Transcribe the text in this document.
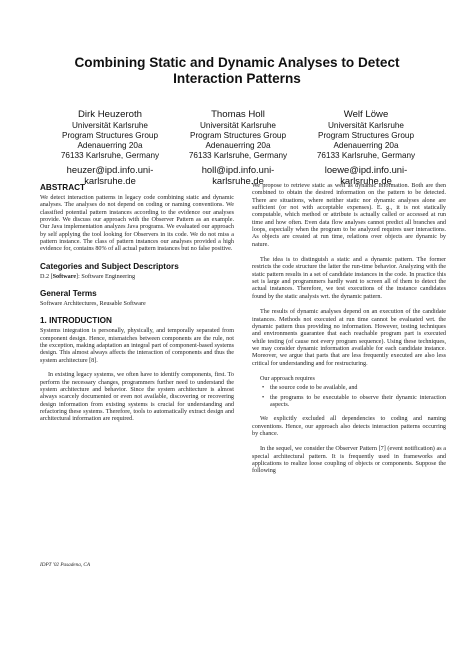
Combining Static and Dynamic Analyses to Detect
Interaction Patterns
Dirk Heuzeroth
Universität Karlsruhe
Program Structures Group
Adenauerring 20a
76133 Karlsruhe, Germany
heuzer@ipd.info.uni-
karlsruhe.de
Thomas Holl
Universität Karlsruhe
Program Structures Group
Adenauerring 20a
76133 Karlsruhe, Germany
holl@ipd.info.uni-
karlsruhe.de
Welf Löwe
Universität Karlsruhe
Program Structures Group
Adenauerring 20a
76133 Karlsruhe, Germany
loewe@ipd.info.uni-
karlsruhe.de
ABSTRACT

We detect interaction patterns in legacy code combining static and dynamic analyses. The analyses do not depend on coding or naming conventions. We classified potential pattern instances according to the evidence our analyses provide. We discuss our approach with the Observer Pattern as an example. Our Java implementation analyzes Java programs. We evaluated our approach by self applying the tool looking for Observers in its code. We do not miss a pattern instance. The class of pattern instances our analyses provided a high evidence for, contains 80% of all actual pattern instances but no false positive.

Categories and Subject Descriptors

D.2 [Software]: Software Engineering

General Terms

Software Architectures, Reusable Software

1. INTRODUCTION

Systems integration is personally, physically, and temporally separated from component design. Hence, mismatches between components are the rule, not the exception, making adaptation an integral part of component-based systems design. This almost always affects the interaction of components and thus the system architecture [8].

In existing legacy systems, we often have to identify components, first. To perform the necessary changes, programmers further need to understand the system architecture and behavior. Since the system architecture is almost always scarcely documented or even not available, discovering or recovering design information from existing systems is crucial for understanding and refactoring these systems. Therefore, tools to automatically extract design and architectural information are required.

IDPT '02 Pasadena, CA

We propose to retrieve static as well as dynamic information. Both are then combined to obtain the desired information on the pattern to be detected. There are situations, where neither static nor dynamic analyses alone are sufficient (or not with acceptable expenses). E. g., it is not statically computable, which method or attribute is actually called or accessed at run time and how often. Even data flow analyses cannot predict all branches and loops, especially when the program to be analyzed requires user interactions. As objects are created at run time, relations over objects are dynamic by nature.

The idea is to distinguish a static and a dynamic pattern. The former restricts the code structure the latter the run-time behavior. Analyzing with the static pattern results in a set of candidate instances in the code. In practice this set is large and programmers hardly want to screen all of them to detect the actual instances. Therefore, we test executions of the instance candidates found by the static analysis wrt. the dynamic pattern.

The results of dynamic analyses depend on an execution of the candidate instances. Methods not executed at run time cannot be evaluated wrt. the dynamic pattern thus providing no information. However, testing techniques and environments guarantee that each reachable program part is executed while testing (of cause not every program sequence). Using these techniques, we may consider dynamic information available for each candidate instance. Moreover, we argue that parts that are less frequently executed are also less critical for understanding and for restructuring.

Our approach requires

• the source code to be available, and
• the programs to be executable to observe their dynamic interaction aspects.

We explicitly excluded all dependencies to coding and naming conventions. Hence, our approach also detects interaction patterns occurring by chance.

In the sequel, we consider the Observer Pattern [7] (event notification) as a special architectural pattern. It is frequently used in frameworks and applications to realize loose coupling of objects or components. Suppose the following
